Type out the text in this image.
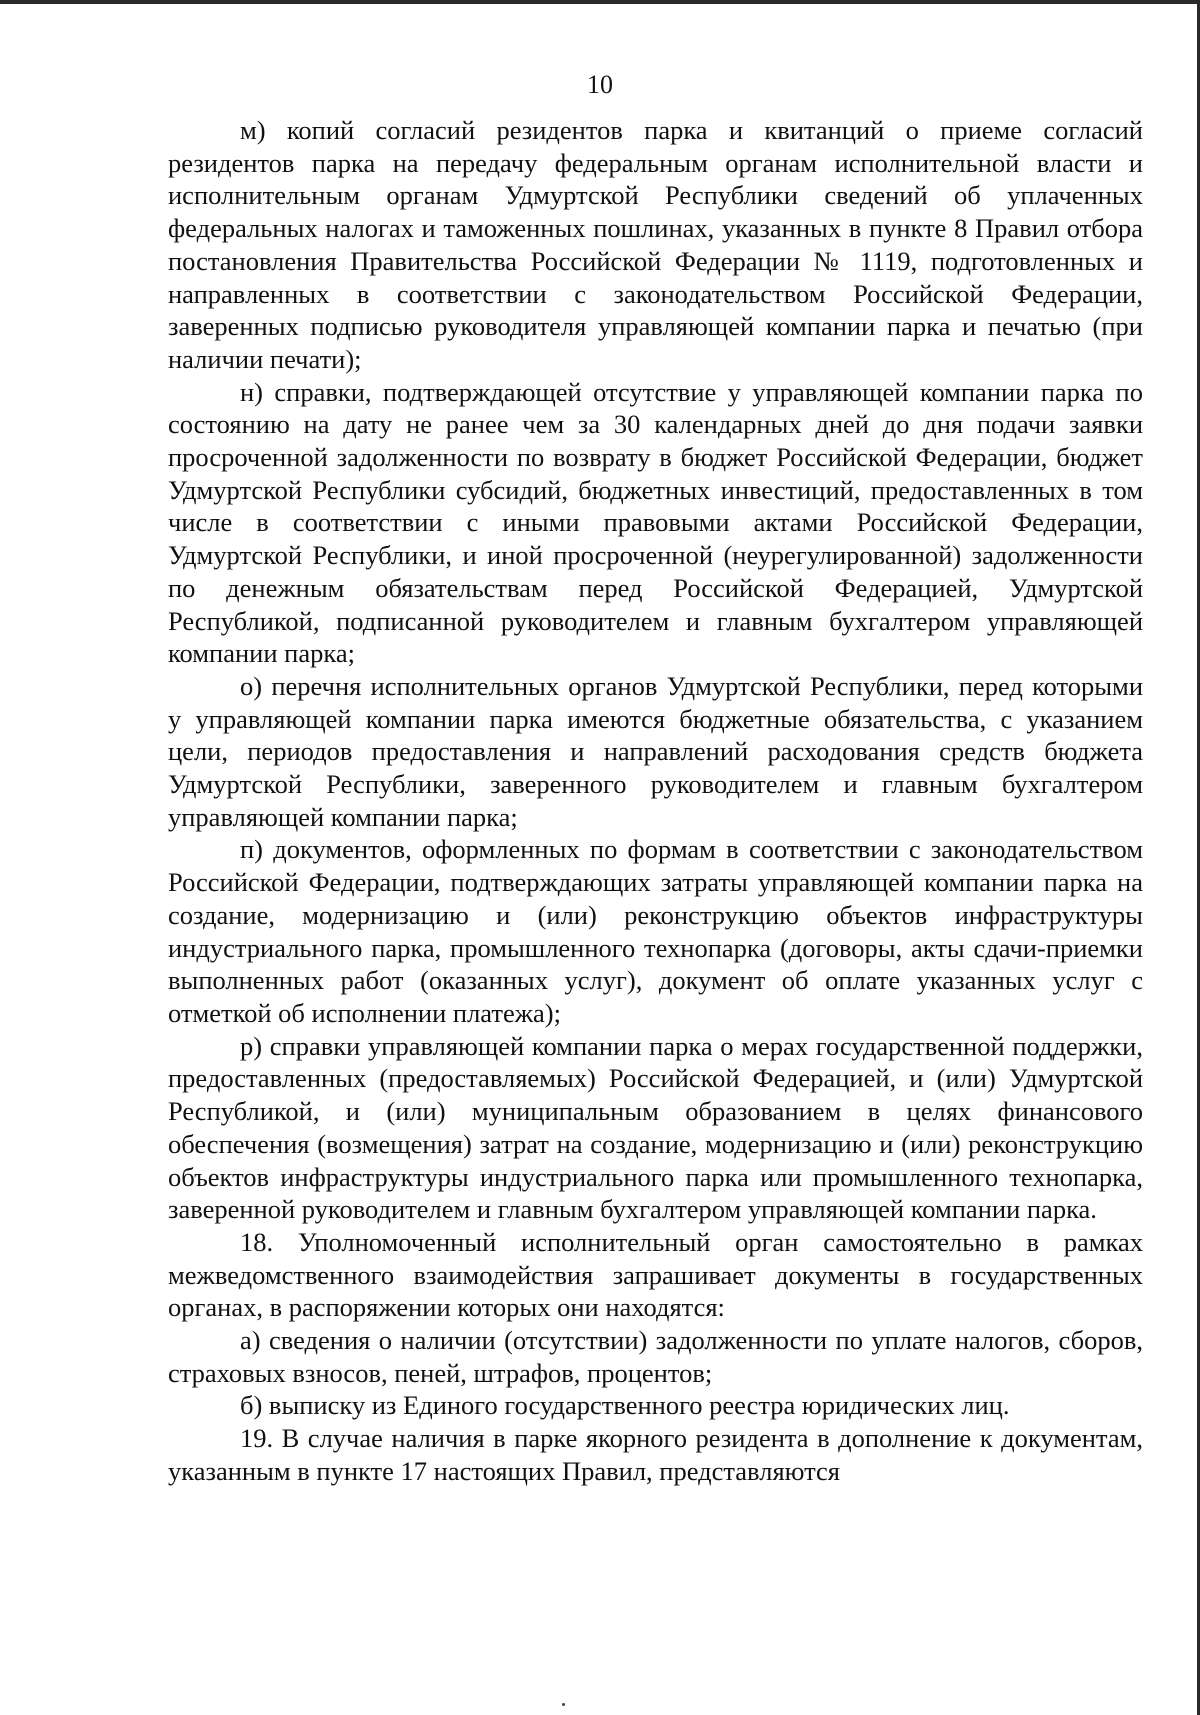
10

м) копий согласий резидентов парка и квитанций о приеме согласий резидентов парка на передачу федеральным органам исполнительной власти и исполнительным органам Удмуртской Республики сведений об уплаченных федеральных налогах и таможенных пошлинах, указанных в пункте 8 Правил отбора постановления Правительства Российской Федерации № 1119, подготовленных и направленных в соответствии с законодательством Российской Федерации, заверенных подписью руководителя управляющей компании парка и печатью (при наличии печати);

н) справки, подтверждающей отсутствие у управляющей компании парка по состоянию на дату не ранее чем за 30 календарных дней до дня подачи заявки просроченной задолженности по возврату в бюджет Российской Федерации, бюджет Удмуртской Республики субсидий, бюджетных инвестиций, предоставленных в том числе в соответствии с иными правовыми актами Российской Федерации, Удмуртской Республики, и иной просроченной (неурегулированной) задолженности по денежным обязательствам перед Российской Федерацией, Удмуртской Республикой, подписанной руководителем и главным бухгалтером управляющей компании парка;

о) перечня исполнительных органов Удмуртской Республики, перед которыми у управляющей компании парка имеются бюджетные обязательства, с указанием цели, периодов предоставления и направлений расходования средств бюджета Удмуртской Республики, заверенного руководителем и главным бухгалтером управляющей компании парка;

п) документов, оформленных по формам в соответствии с законодательством Российской Федерации, подтверждающих затраты управляющей компании парка на создание, модернизацию и (или) реконструкцию объектов инфраструктуры индустриального парка, промышленного технопарка (договоры, акты сдачи-приемки выполненных работ (оказанных услуг), документ об оплате указанных услуг с отметкой об исполнении платежа);

р) справки управляющей компании парка о мерах государственной поддержки, предоставленных (предоставляемых) Российской Федерацией, и (или) Удмуртской Республикой, и (или) муниципальным образованием в целях финансового обеспечения (возмещения) затрат на создание, модернизацию и (или) реконструкцию объектов инфраструктуры индустриального парка или промышленного технопарка, заверенной руководителем и главным бухгалтером управляющей компании парка.

18. Уполномоченный исполнительный орган самостоятельно в рамках межведомственного взаимодействия запрашивает документы в государственных органах, в распоряжении которых они находятся:

а) сведения о наличии (отсутствии) задолженности по уплате налогов, сборов, страховых взносов, пеней, штрафов, процентов;

б) выписку из Единого государственного реестра юридических лиц.

19. В случае наличия в парке якорного резидента в дополнение к документам, указанным в пункте 17 настоящих Правил, представляются
